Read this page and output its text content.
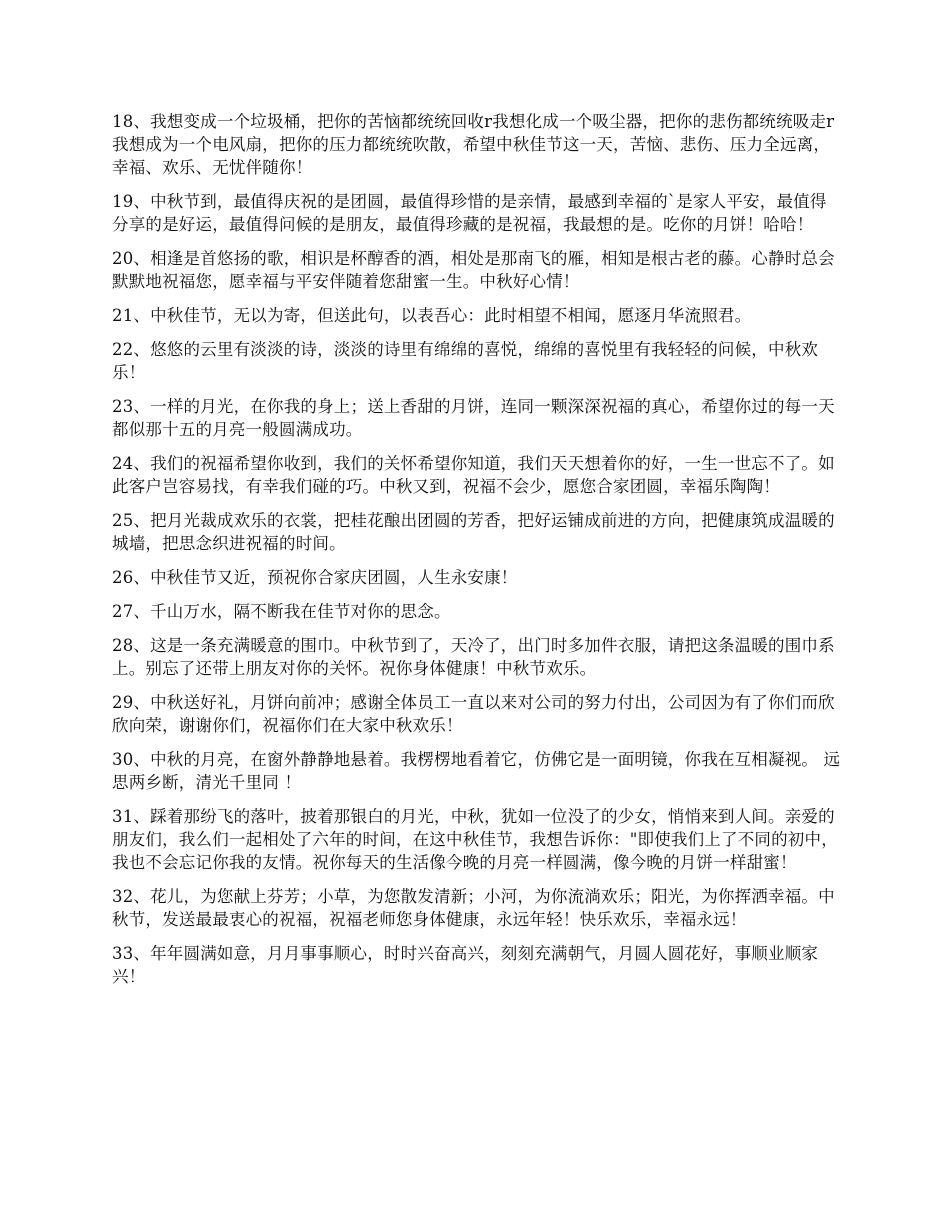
18、我想变成一个垃圾桶，把你的苦恼都统统回收r我想化成一个吸尘器，把你的悲伤都统统吸走r我想成为一个电风扇，把你的压力都统统吹散，希望中秋佳节这一天，苦恼、悲伤、压力全远离，幸福、欢乐、无忧伴随你！

19、中秋节到，最值得庆祝的是团圆，最值得珍惜的是亲情，最感到幸福的`是家人平安，最值得分享的是好运，最值得问候的是朋友，最值得珍藏的是祝福，我最想的是。吃你的月饼！哈哈！

20、相逢是首悠扬的歌，相识是杯醇香的酒，相处是那南飞的雁，相知是根古老的藤。心静时总会默默地祝福您，愿幸福与平安伴随着您甜蜜一生。中秋好心情！

21、中秋佳节，无以为寄，但送此句，以表吾心：此时相望不相闻，愿逐月华流照君。

22、悠悠的云里有淡淡的诗，淡淡的诗里有绵绵的喜悦，绵绵的喜悦里有我轻轻的问候，中秋欢乐！

23、一样的月光，在你我的身上；送上香甜的月饼，连同一颗深深祝福的真心，希望你过的每一天都似那十五的月亮一般圆满成功。

24、我们的祝福希望你收到，我们的关怀希望你知道，我们天天想着你的好，一生一世忘不了。如此客户岂容易找，有幸我们碰的巧。中秋又到，祝福不会少，愿您合家团圆，幸福乐陶陶！

25、把月光裁成欢乐的衣裳，把桂花酿出团圆的芳香，把好运铺成前进的方向，把健康筑成温暖的城墙，把思念织进祝福的时间。

26、中秋佳节又近，预祝你合家庆团圆，人生永安康！

27、千山万水，隔不断我在佳节对你的思念。

28、这是一条充满暖意的围巾。中秋节到了，天冷了，出门时多加件衣服，请把这条温暖的围巾系上。别忘了还带上朋友对你的关怀。祝你身体健康！中秋节欢乐。

29、中秋送好礼，月饼向前冲；感谢全体员工一直以来对公司的努力付出，公司因为有了你们而欣欣向荣，谢谢你们，祝福你们在大家中秋欢乐！

30、中秋的月亮，在窗外静静地悬着。我楞楞地看着它，仿佛它是一面明镜，你我在互相凝视。 远思两乡断，清光千里同 ！

31、踩着那纷飞的落叶，披着那银白的月光，中秋，犹如一位没了的少女，悄悄来到人间。亲爱的朋友们，我么们一起相处了六年的时间，在这中秋佳节，我想告诉你："即使我们上了不同的初中，我也不会忘记你我的友情。祝你每天的生活像今晚的月亮一样圆满，像今晚的月饼一样甜蜜！

32、花儿，为您献上芬芳；小草，为您散发清新；小河，为你流淌欢乐；阳光，为你挥洒幸福。中秋节，发送最最衷心的祝福，祝福老师您身体健康，永远年轻！快乐欢乐，幸福永远！

33、年年圆满如意，月月事事顺心，时时兴奋高兴，刻刻充满朝气，月圆人圆花好，事顺业顺家兴！
